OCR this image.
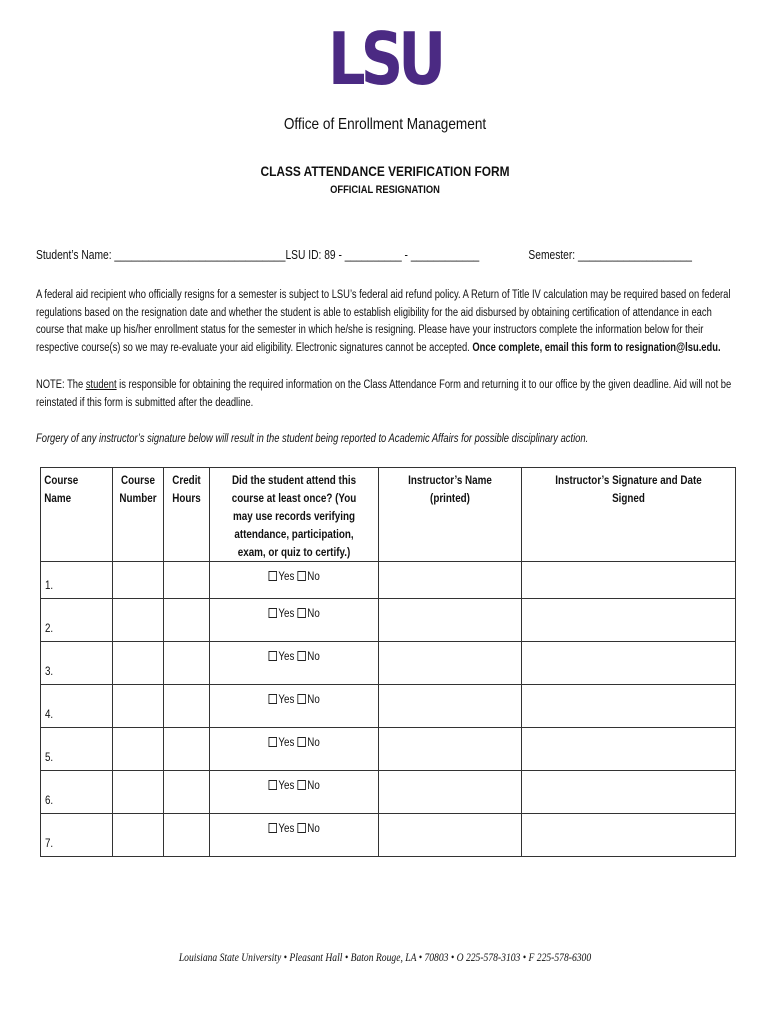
LSU
Office of Enrollment Management
CLASS ATTENDANCE VERIFICATION FORM
OFFICIAL RESIGNATION
Student’s Name: ______________________________LSU ID: 89 - __________ - ____________	Semester: ____________________
A federal aid recipient who officially resigns for a semester is subject to LSU’s federal aid refund policy. A Return of Title IV calculation may be required based on federal regulations based on the resignation date and whether the student is able to establish eligibility for the aid disbursed by obtaining certification of attendance in each course that make up his/her enrollment status for the semester in which he/she is resigning. Please have your instructors complete the information below for their respective course(s) so we may re-evaluate your aid eligibility. Electronic signatures cannot be accepted. Once complete, email this form to resignation@lsu.edu.
NOTE: The student is responsible for obtaining the required information on the Class Attendance Form and returning it to our office by the given deadline. Aid will not be reinstated if this form is submitted after the deadline.
Forgery of any instructor’s signature below will result in the student being reported to Academic Affairs for possible disciplinary action.
Course Name	Course Number	Credit Hours	Did the student attend this course at least once? (You may use records verifying attendance, participation, exam, or quiz to certify.)	Instructor’s Name (printed)	Instructor’s Signature and Date Signed

1.			Yes No		

2.			Yes No		

3.			Yes No		

4.			Yes No		

5.			Yes No		

6.			Yes No		

7.			Yes No		

Louisiana State University • Pleasant Hall • Baton Rouge, LA • 70803 • O 225-578-3103 • F 225-578-6300
